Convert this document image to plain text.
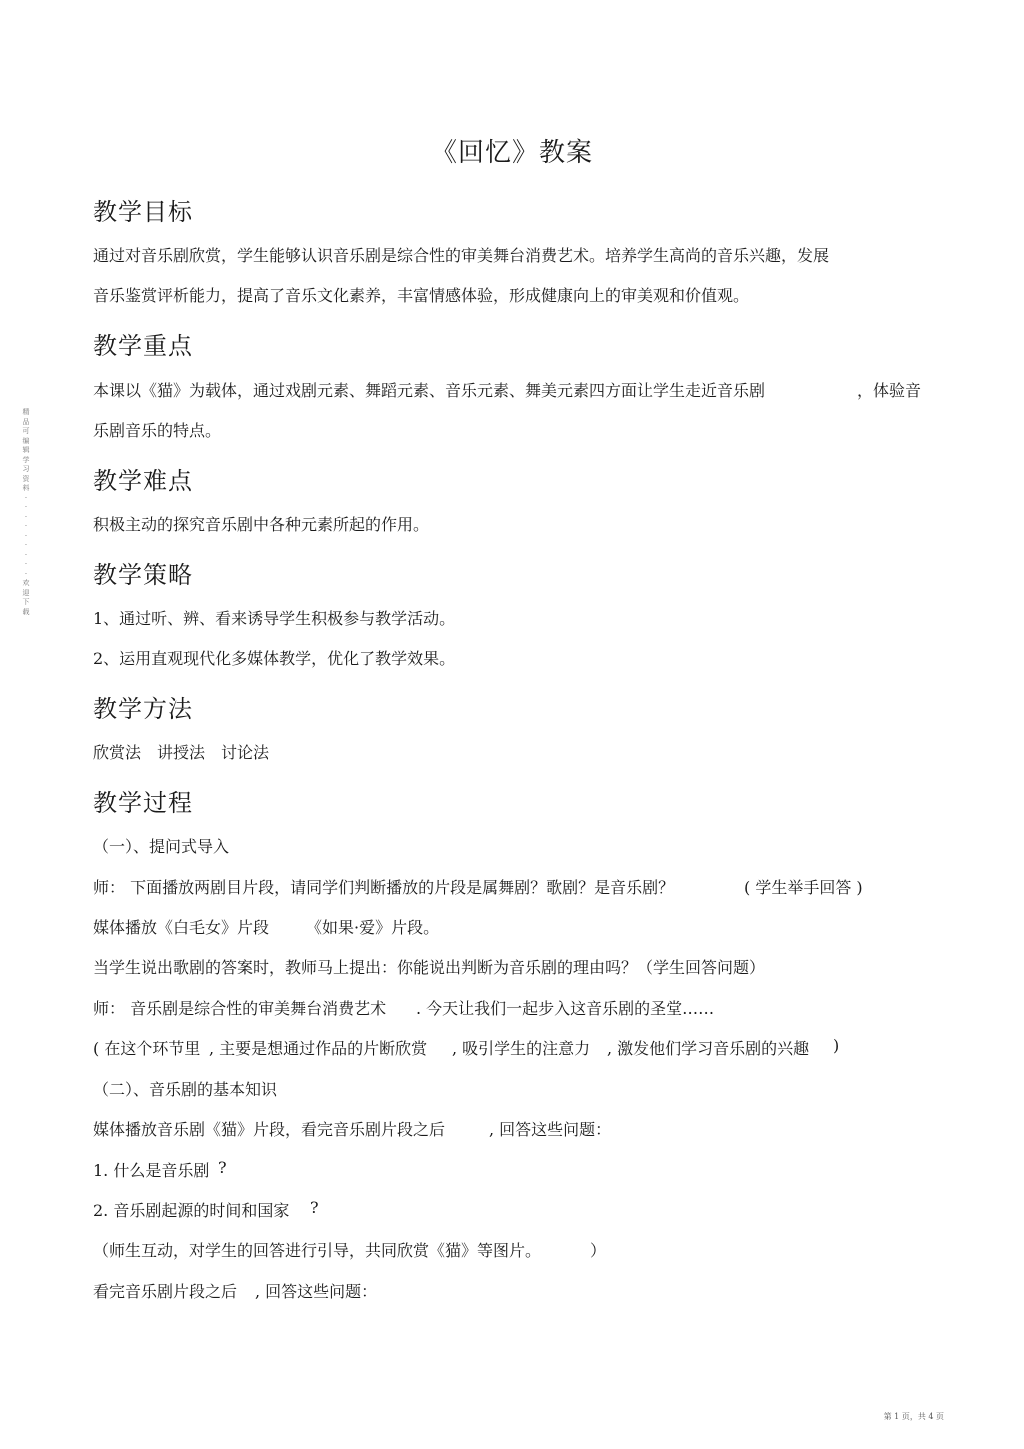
《回忆》教案
教学目标
通过对音乐剧欣赏，学生能够认识音乐剧是综合性的审美舞台消费艺术。培养学生高尚的音乐兴趣，发展
音乐鉴赏评析能力，提高了音乐文化素养，丰富情感体验，形成健康向上的审美观和价值观。
教学重点
本课以《猫》为载体，通过戏剧元素、舞蹈元素、音乐元素、舞美元素四方面让学生走近音乐剧	，体验音
乐剧音乐的特点。
教学难点
积极主动的探究音乐剧中各种元素所起的作用。
教学策略
1、通过听、辨、看来诱导学生积极参与教学活动。
2、运用直观现代化多媒体教学，优化了教学效果。
教学方法
欣赏法　讲授法　讨论法
教学过程
（一）、提问式导入
师： 下面播放两剧目片段，请同学们判断播放的片段是属舞剧？歌剧？是音乐剧？	( 学生举手回答 )
媒体播放《白毛女》片段 《如果·爱》片段。
当学生说出歌剧的答案时，教师马上提出：你能说出判断为音乐剧的理由吗？（学生回答问题）
师： 音乐剧是综合性的审美舞台消费艺术 . 今天让我们一起步入这音乐剧的圣堂……
( 在这个环节里 , 主要是想通过作品的片断欣赏 , 吸引学生的注意力 , 激发他们学习音乐剧的兴趣 )
（二）、音乐剧的基本知识
媒体播放音乐剧《猫》片段，看完音乐剧片段之后	, 回答这些问题：
1. 什么是音乐剧 ?
2. 音乐剧起源的时间和国家 ?
（师生互动，对学生的回答进行引导，共同欣赏《猫》等图片。	）
看完音乐剧片段之后 , 回答这些问题：
精
品
可
编
辑
学
习
资
料
·
·
·
·
·
·
·
·
·
欢
迎
下
载
第 1 页，共 4 页
